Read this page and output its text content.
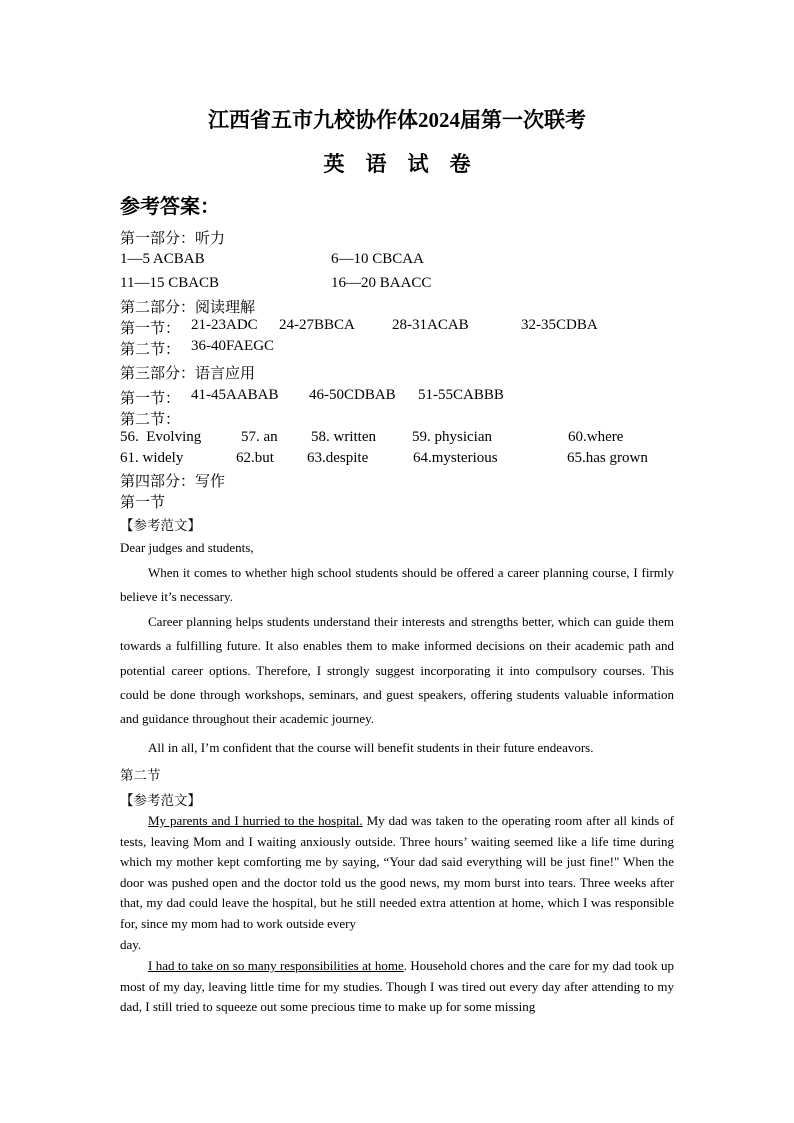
江西省五市九校协作体2024届第一次联考
英语试卷
参考答案：
第一部分：听力
1—5 ACBAB	6—10 CBCAA
11—15 CBACB	16—20 BAACC
第二部分：阅读理解
第一节： 21-23ADC 24-27BBCA 28-31ACAB	32-35CDBA
第二节： 36-40FAEGC
第三部分：语言应用
第一节： 41-45AABAB 46-50CDBAB 51-55CABBB
第二节：
56.  Evolving	57. an 58. written 59. physician	60.where
61. widely	62.but 63.despite	64.mysterious	65.has grown
第四部分：写作
第一节
【参考范文】
Dear judges and students,
When it comes to whether high school students should be offered a career planning course, I firmly believe it’s necessary.
Career planning helps students understand their interests and strengths better, which can guide them towards a fulfilling future. It also enables them to make informed decisions on their academic path and potential career options. Therefore, I strongly suggest incorporating it into compulsory courses. This could be done through workshops, seminars, and guest speakers, offering students valuable information and guidance throughout their academic journey.
All in all, I’m confident that the course will benefit students in their future endeavors.
第二节
【参考范文】
My parents and I hurried to the hospital. My dad was taken to the operating room after all kinds of tests, leaving Mom and I waiting anxiously outside. Three hours’ waiting seemed like a life time during which my mother kept comforting me by saying, “Your dad said everything will be just fine!" When the door was pushed open and the doctor told us the good news, my mom burst into tears. Three weeks after that, my dad could leave the hospital, but he still needed extra attention at home, which I was responsible for, since my mom had to work outside every
day.
I had to take on so many responsibilities at home. Household chores and the care for my dad took up most of my day, leaving little time for my studies. Though I was tired out every day after attending to my dad, I still tried to squeeze out some precious time to make up for some missing
